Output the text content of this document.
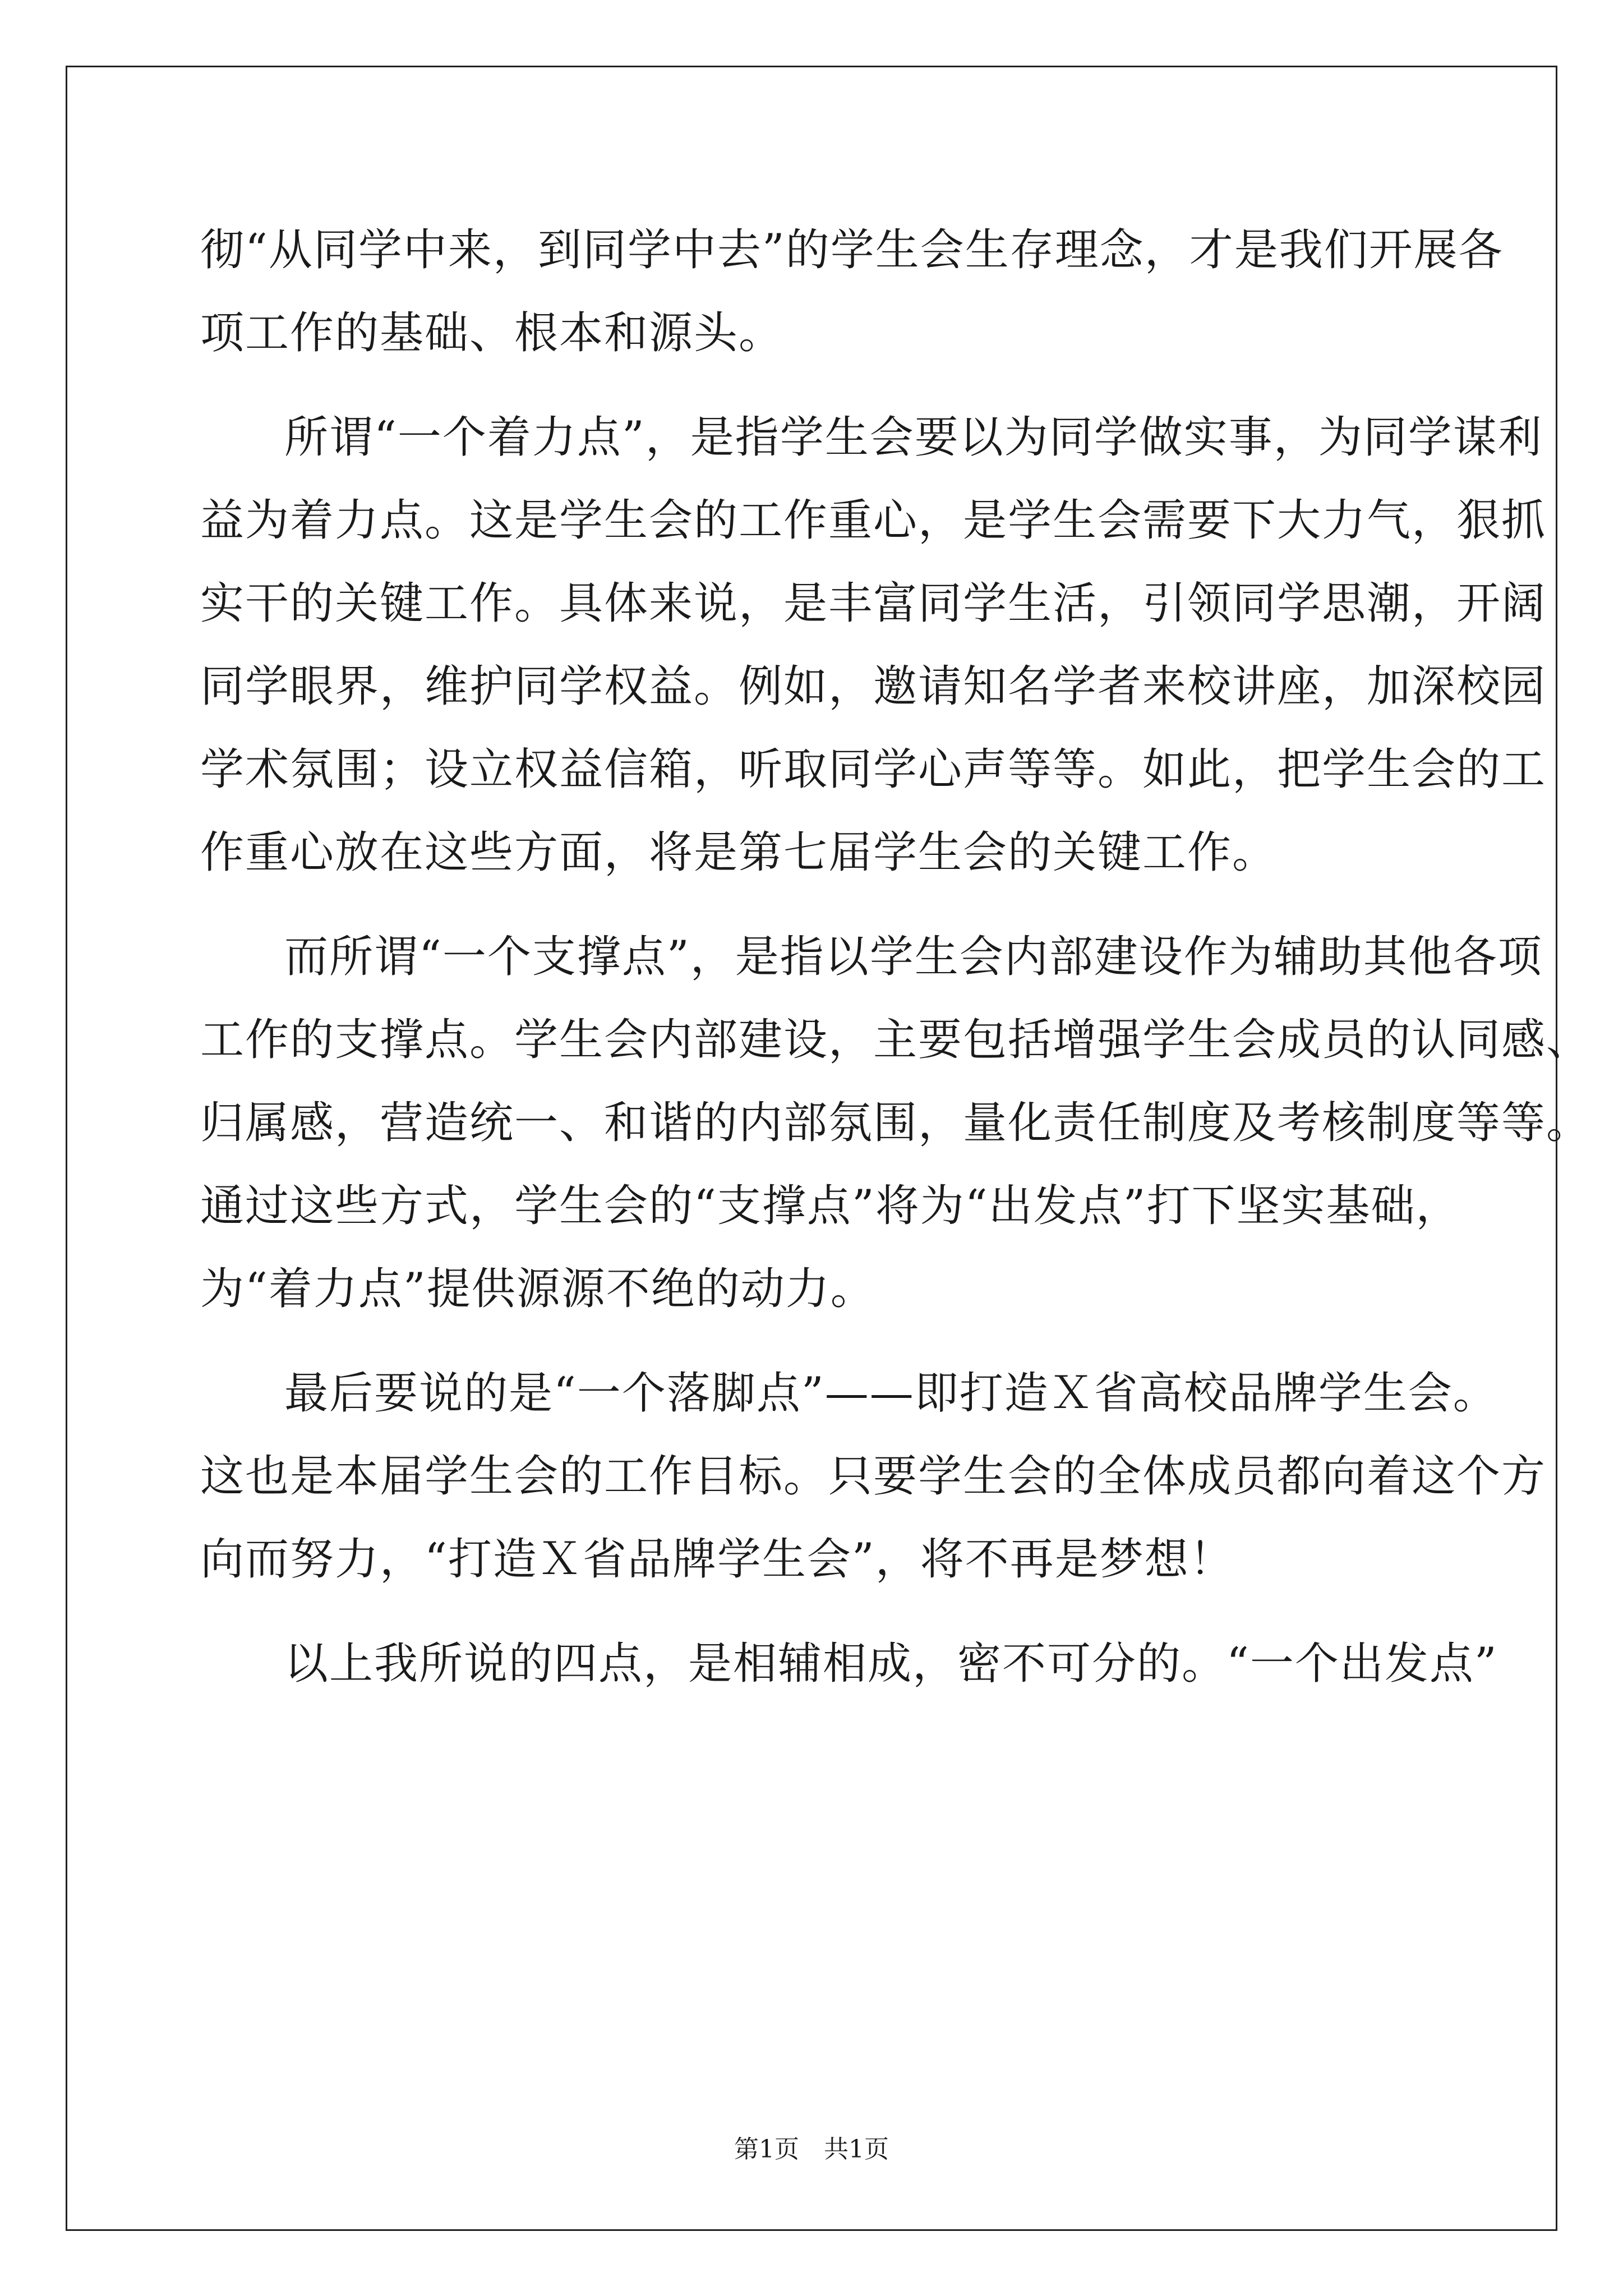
彻“从同学中来，到同学中去”的学生会生存理念，才是我们开展各
项工作的基础、根本和源头。
所谓“一个着力点”，是指学生会要以为同学做实事，为同学谋利
益为着力点。这是学生会的工作重心，是学生会需要下大力气，狠抓
实干的关键工作。具体来说，是丰富同学生活，引领同学思潮，开阔
同学眼界，维护同学权益。例如，邀请知名学者来校讲座，加深校园
学术氛围；设立权益信箱，听取同学心声等等。如此，把学生会的工
作重心放在这些方面，将是第七届学生会的关键工作。
而所谓“一个支撑点”，是指以学生会内部建设作为辅助其他各项
工作的支撑点。学生会内部建设，主要包括增强学生会成员的认同感、
归属感，营造统一、和谐的内部氛围，量化责任制度及考核制度等等。
通过这些方式，学生会的“支撑点”将为“出发点”打下坚实基础，
为“着力点”提供源源不绝的动力。
最后要说的是“一个落脚点”——即打造Ｘ省高校品牌学生会。
这也是本届学生会的工作目标。只要学生会的全体成员都向着这个方
向而努力，“打造Ｘ省品牌学生会”，将不再是梦想！
以上我所说的四点，是相辅相成，密不可分的。“一个出发点”
第1页　共1页
